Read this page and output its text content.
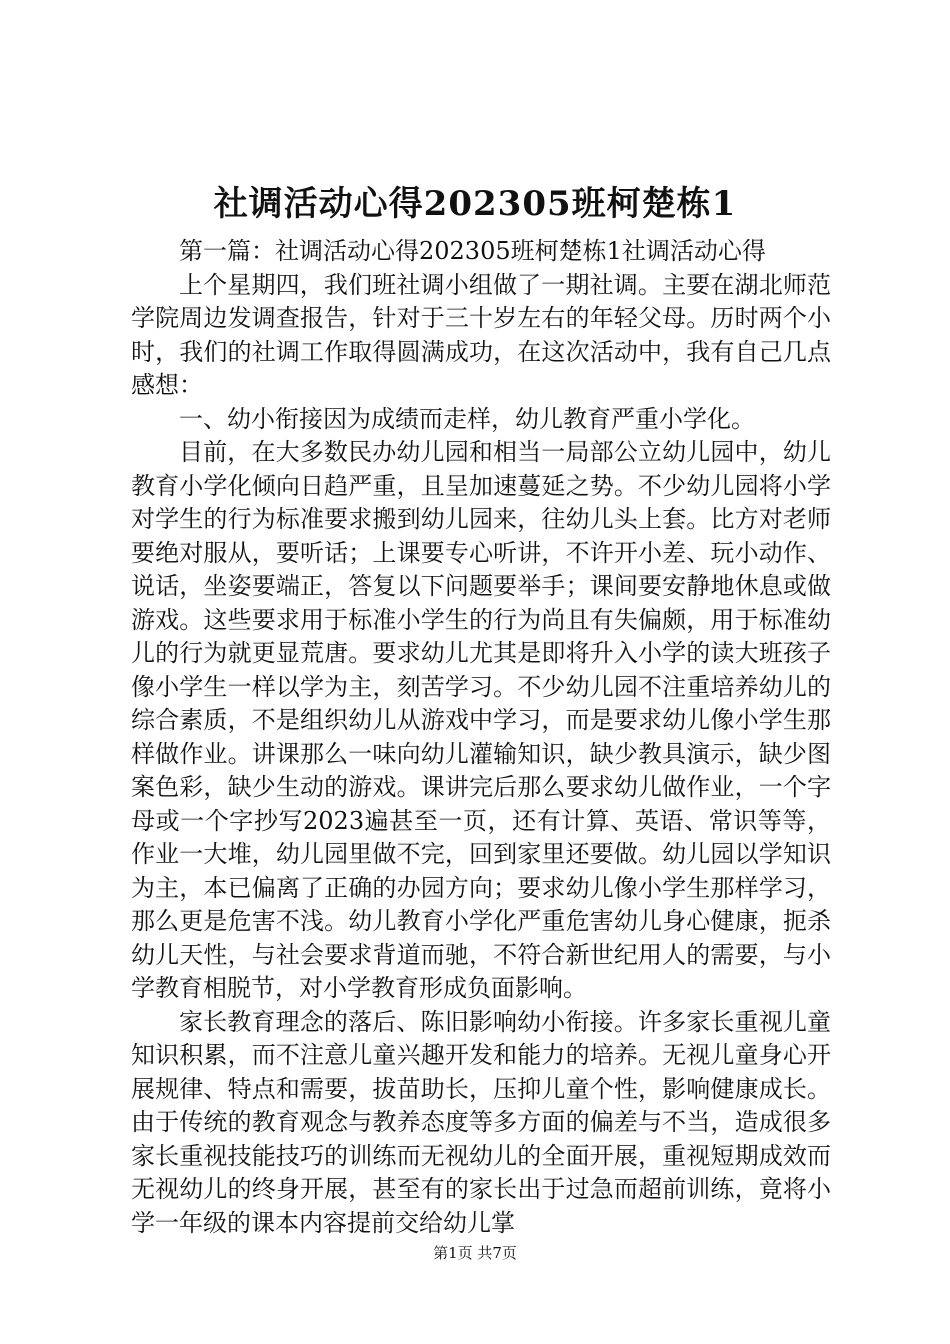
社调活动心得202305班柯楚栋1

第一篇：社调活动心得202305班柯楚栋1社调活动心得

上个星期四，我们班社调小组做了一期社调。主要在湖北师范学院周边发调查报告，针对于三十岁左右的年轻父母。历时两个小时，我们的社调工作取得圆满成功，在这次活动中，我有自己几点感想：

一、幼小衔接因为成绩而走样，幼儿教育严重小学化。

目前，在大多数民办幼儿园和相当一局部公立幼儿园中，幼儿教育小学化倾向日趋严重，且呈加速蔓延之势。不少幼儿园将小学对学生的行为标准要求搬到幼儿园来，往幼儿头上套。比方对老师要绝对服从，要听话；上课要专心听讲，不许开小差、玩小动作、说话，坐姿要端正，答复以下问题要举手；课间要安静地休息或做游戏。这些要求用于标准小学生的行为尚且有失偏颇，用于标准幼儿的行为就更显荒唐。要求幼儿尤其是即将升入小学的读大班孩子像小学生一样以学为主，刻苦学习。不少幼儿园不注重培养幼儿的综合素质，不是组织幼儿从游戏中学习，而是要求幼儿像小学生那样做作业。讲课那么一味向幼儿灌输知识，缺少教具演示，缺少图案色彩，缺少生动的游戏。课讲完后那么要求幼儿做作业，一个字母或一个字抄写2023遍甚至一页，还有计算、英语、常识等等，作业一大堆，幼儿园里做不完，回到家里还要做。幼儿园以学知识为主，本已偏离了正确的办园方向；要求幼儿像小学生那样学习，那么更是危害不浅。幼儿教育小学化严重危害幼儿身心健康，扼杀幼儿天性，与社会要求背道而驰，不符合新世纪用人的需要，与小学教育相脱节，对小学教育形成负面影响。

家长教育理念的落后、陈旧影响幼小衔接。许多家长重视儿童知识积累，而不注意儿童兴趣开发和能力的培养。无视儿童身心开展规律、特点和需要，拔苗助长，压抑儿童个性，影响健康成长。由于传统的教育观念与教养态度等多方面的偏差与不当，造成很多家长重视技能技巧的训练而无视幼儿的全面开展，重视短期成效而无视幼儿的终身开展，甚至有的家长出于过急而超前训练，竟将小学一年级的课本内容提前交给幼儿掌

第1页 共7页
